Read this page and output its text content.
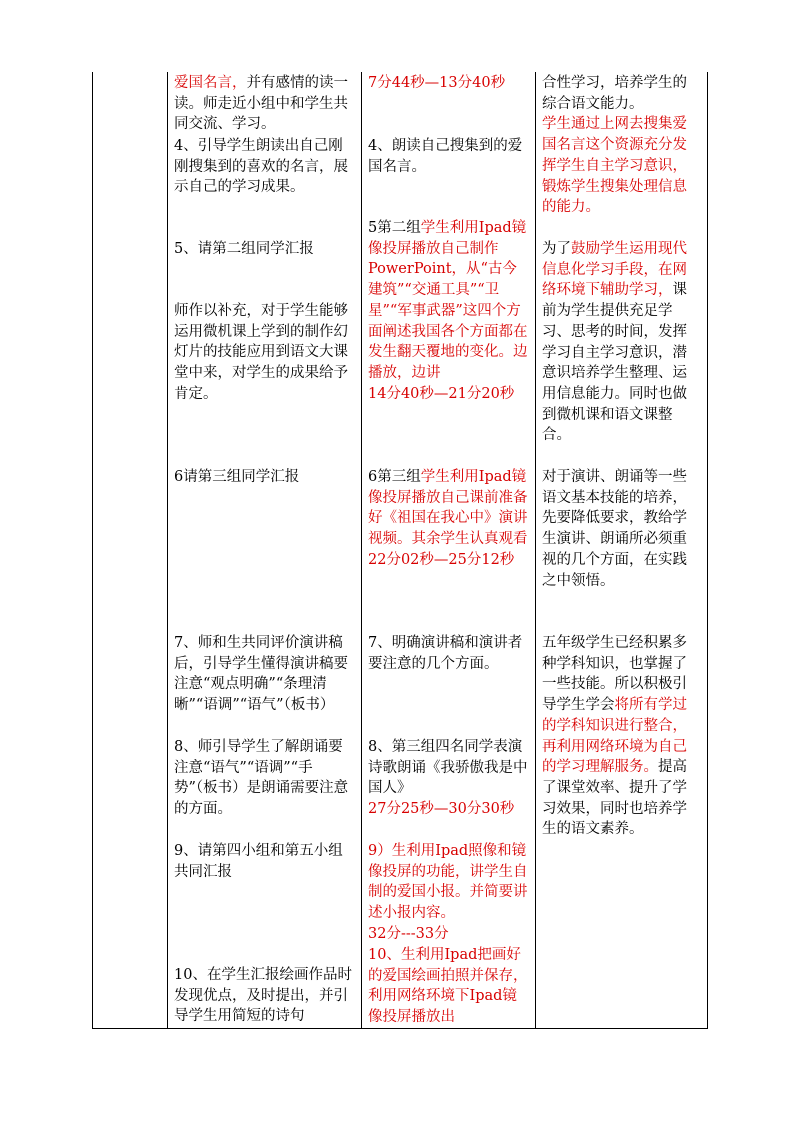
爱国名言，并有感情的读一读。师走近小组中和学生共同交流、学习。

4、引导学生朗读出自己刚刚搜集到的喜欢的名言，展示自己的学习成果。

5、请第二组同学汇报

师作以补充，对于学生能够运用微机课上学到的制作幻灯片的技能应用到语文大课堂中来，对学生的成果给予肯定。

6请第三组同学汇报

7、师和生共同评价演讲稿后，引导学生懂得演讲稿要注意“观点明确”“条理清晰”“语调”“语气”（板书）

8、师引导学生了解朗诵要注意“语气”“语调”“手势”（板书）是朗诵需要注意的方面。

9、请第四小组和第五小组共同汇报

10、在学生汇报绘画作品时发现优点，及时提出，并引导学生用简短的诗句

7分44秒—13分40秒

4、朗读自己搜集到的爱国名言。

5第二组学生利用Ipad镜像投屏播放自己制作PowerPoint，从“古今建筑”“交通工具”“卫星”“军事武器”这四个方面阐述我国各个方面都在发生翻天覆地的变化。边播放，边讲
14分40秒—21分20秒

6第三组学生利用Ipad镜像投屏播放自己课前准备好《祖国在我心中》演讲视频。其余学生认真观看
22分02秒—25分12秒

7、明确演讲稿和演讲者要注意的几个方面。

8、第三组四名同学表演诗歌朗诵《我骄傲我是中国人》
27分25秒—30分30秒

9）生利用Ipad照像和镜像投屏的功能，讲学生自制的爱国小报。并简要讲述小报内容。
32分---33分

10、生利用Ipad把画好的爱国绘画拍照并保存，利用网络环境下Ipad镜像投屏播放出

合性学习，培养学生的综合语文能力。
学生通过上网去搜集爱国名言这个资源充分发挥学生自主学习意识，锻炼学生搜集处理信息的能力。

为了鼓励学生运用现代信息化学习手段，在网络环境下辅助学习，课前为学生提供充足学习、思考的时间，发挥学习自主学习意识，潜意识培养学生整理、运用信息能力。同时也做到微机课和语文课整合。

对于演讲、朗诵等一些语文基本技能的培养，先要降低要求，教给学生演讲、朗诵所必须重视的几个方面，在实践之中领悟。

五年级学生已经积累多种学科知识，也掌握了一些技能。所以积极引导学生学会将所有学过的学科知识进行整合，再利用网络环境为自己的学习理解服务。提高了课堂效率、提升了学习效果，同时也培养学生的语文素养。
